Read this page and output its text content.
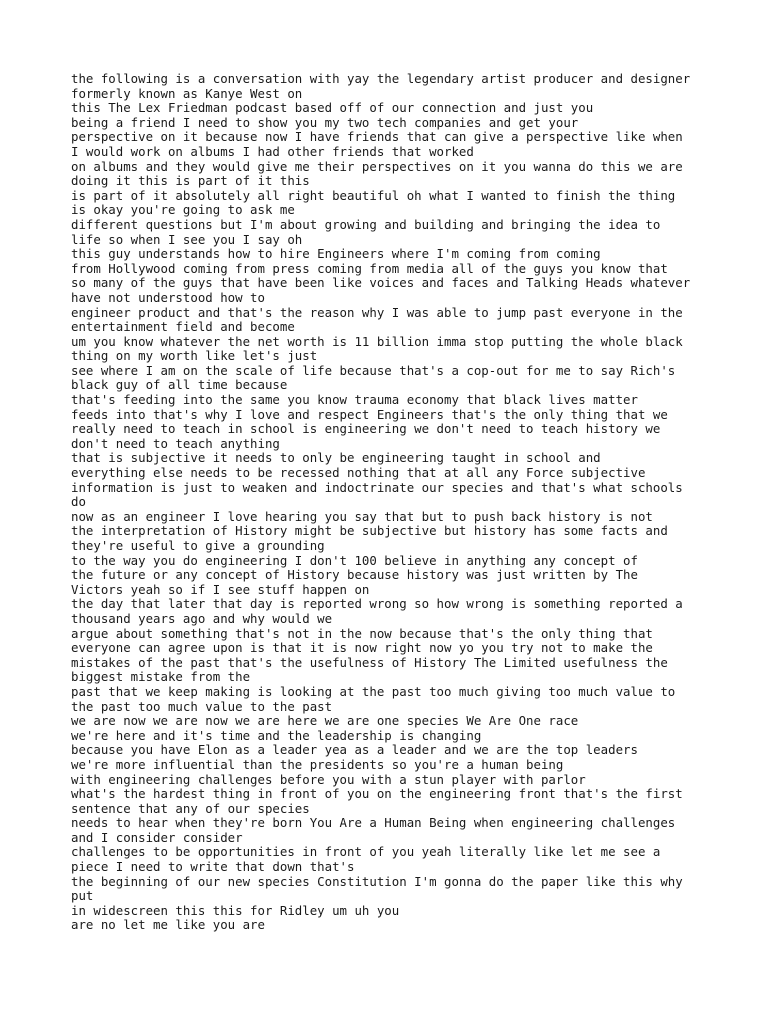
the following is a conversation with yay the legendary artist producer and designer
formerly known as Kanye West on
this The Lex Friedman podcast based off of our connection and just you
being a friend I need to show you my two tech companies and get your
perspective on it because now I have friends that can give a perspective like when
I would work on albums I had other friends that worked
on albums and they would give me their perspectives on it you wanna do this we are
doing it this is part of it this
is part of it absolutely all right beautiful oh what I wanted to finish the thing
is okay you're going to ask me
different questions but I'm about growing and building and bringing the idea to
life so when I see you I say oh
this guy understands how to hire Engineers where I'm coming from coming
from Hollywood coming from press coming from media all of the guys you know that
so many of the guys that have been like voices and faces and Talking Heads whatever
have not understood how to
engineer product and that's the reason why I was able to jump past everyone in the
entertainment field and become
um you know whatever the net worth is 11 billion imma stop putting the whole black
thing on my worth like let's just
see where I am on the scale of life because that's a cop-out for me to say Rich's
black guy of all time because
that's feeding into the same you know trauma economy that black lives matter
feeds into that's why I love and respect Engineers that's the only thing that we
really need to teach in school is engineering we don't need to teach history we
don't need to teach anything
that is subjective it needs to only be engineering taught in school and
everything else needs to be recessed nothing that at all any Force subjective
information is just to weaken and indoctrinate our species and that's what schools
do
now as an engineer I love hearing you say that but to push back history is not
the interpretation of History might be subjective but history has some facts and
they're useful to give a grounding
to the way you do engineering I don't 100 believe in anything any concept of
the future or any concept of History because history was just written by The
Victors yeah so if I see stuff happen on
the day that later that day is reported wrong so how wrong is something reported a
thousand years ago and why would we
argue about something that's not in the now because that's the only thing that
everyone can agree upon is that it is now right now yo you try not to make the
mistakes of the past that's the usefulness of History The Limited usefulness the
biggest mistake from the
past that we keep making is looking at the past too much giving too much value to
the past too much value to the past
we are now we are now we are here we are one species We Are One race
we're here and it's time and the leadership is changing
because you have Elon as a leader yea as a leader and we are the top leaders
we're more influential than the presidents so you're a human being
with engineering challenges before you with a stun player with parlor
what's the hardest thing in front of you on the engineering front that's the first
sentence that any of our species
needs to hear when they're born You Are a Human Being when engineering challenges
and I consider consider
challenges to be opportunities in front of you yeah literally like let me see a
piece I need to write that down that's
the beginning of our new species Constitution I'm gonna do the paper like this why
put
in widescreen this this for Ridley um uh you
are no let me like you are
